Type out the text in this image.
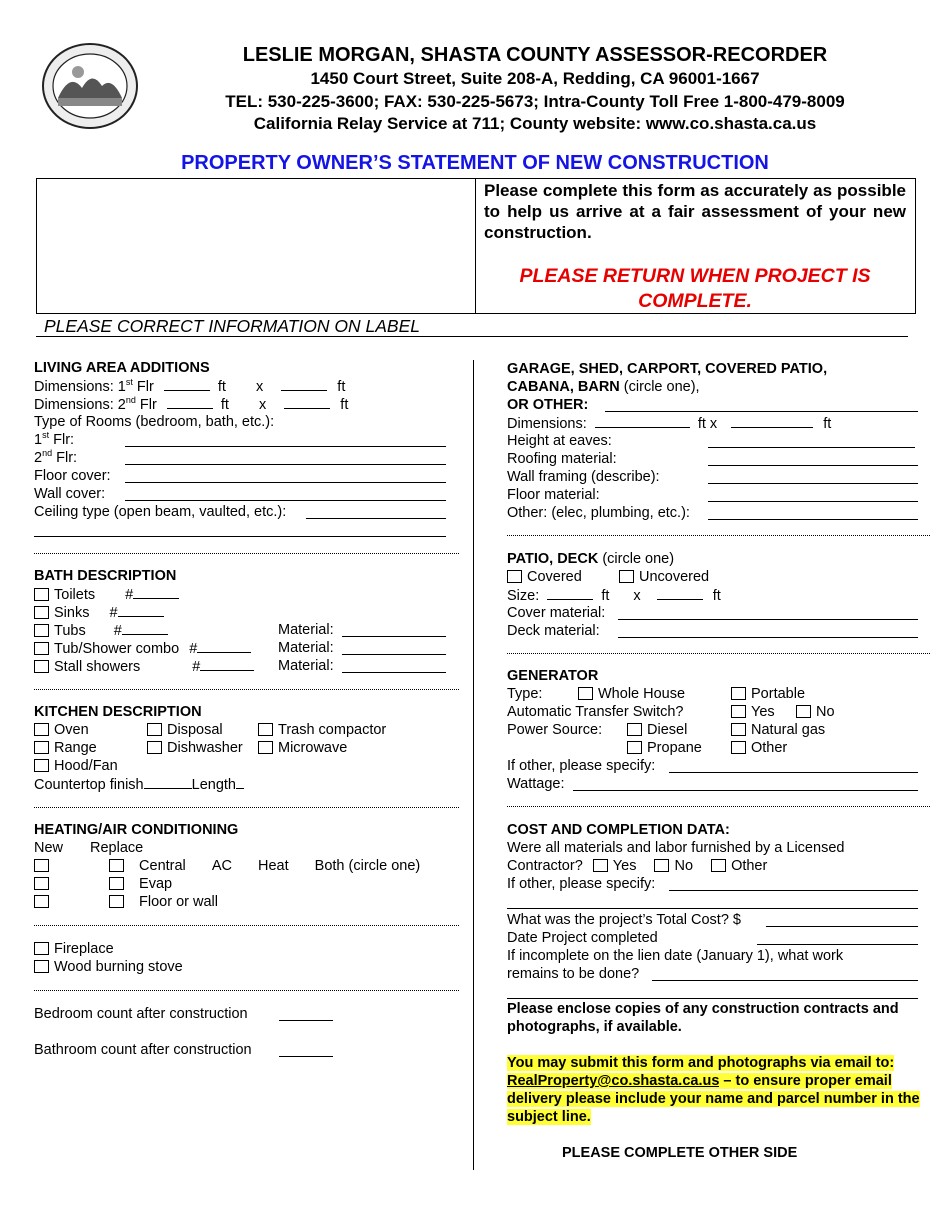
LESLIE MORGAN, SHASTA COUNTY ASSESSOR-RECORDER
1450 Court Street, Suite 208-A, Redding, CA 96001-1667
TEL: 530-225-3600; FAX: 530-225-5673; Intra-County Toll Free 1-800-479-8009
California Relay Service at 711; County website: www.co.shasta.ca.us
PROPERTY OWNER’S STATEMENT OF NEW CONSTRUCTION
Please complete this form as accurately as possible to help us arrive at a fair assessment of your new construction.
PLEASE RETURN WHEN PROJECT IS COMPLETE.
PLEASE CORRECT INFORMATION ON LABEL
LIVING AREA ADDITIONS
Dimensions: 1st Flr	ft x	ft
Dimensions: 2nd Flr	ft x	ft
Type of Rooms (bedroom, bath, etc.):
1st Flr:
2nd Flr:
Floor cover:
Wall cover:
Ceiling type (open beam, vaulted, etc.):
BATH DESCRIPTION
Toilets #
Sinks #
Tubs #	Material:
Tub/Shower combo #	Material:
Stall showers	#	Material:
KITCHEN DESCRIPTION
Oven	Disposal	Trash compactor
Range	Dishwasher	Microwave
Hood/Fan
Countertop finish	Length
HEATING/AIR CONDITIONING
New Replace
Central AC Heat Both (circle one)
Evap
Floor or wall
Fireplace
Wood burning stove
Bedroom count after construction
Bathroom count after construction
GARAGE, SHED, CARPORT, COVERED PATIO,
CABANA, BARN (circle one),
OR OTHER:
Dimensions:	ft x	ft
Height at eaves:
Roofing material:
Wall framing (describe):
Floor material:
Other: (elec, plumbing, etc.):
PATIO, DECK (circle one)
Covered	Uncovered
Size:	ft x	ft
Cover material:
Deck material:
GENERATOR
Type:	Whole House	Portable
Automatic Transfer Switch?	Yes	No
Power Source:	Diesel	Natural gas
Propane	Other
If other, please specify:
Wattage:
COST AND COMPLETION DATA:
Were all materials and labor furnished by a Licensed
Contractor? Yes	No	Other
If other, please specify:
What was the project’s Total Cost? $
Date Project completed
If incomplete on the lien date (January 1), what work
remains to be done?
Please enclose copies of any construction contracts and photographs, if available.
You may submit this form and photographs via email to: RealProperty@co.shasta.ca.us – to ensure proper email delivery please include your name and parcel number in the subject line.
PLEASE COMPLETE OTHER SIDE
